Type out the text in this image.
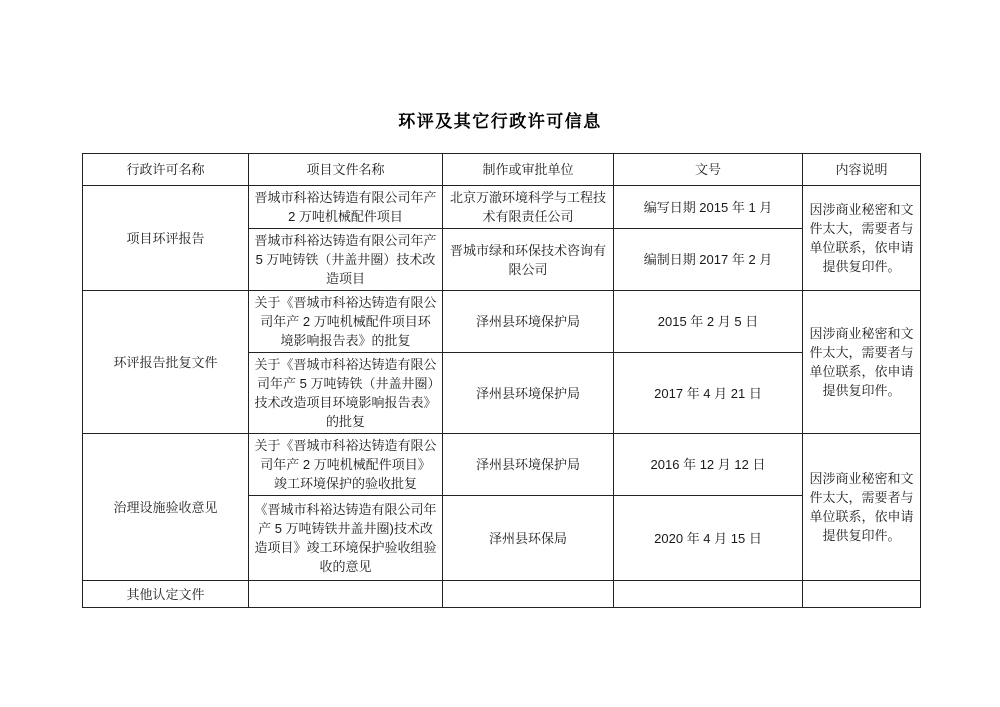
环评及其它行政许可信息
行政许可名称	项目文件名称	制作或审批单位	文号	内容说明
项目环评报告	晋城市科裕达铸造有限公司年产 2 万吨机械配件项目	北京万澈环境科学与工程技术有限责任公司	编写日期 2015 年 1 月	因涉商业秘密和文件太大，需要者与单位联系，依申请提供复印件。
	晋城市科裕达铸造有限公司年产 5 万吨铸铁（井盖井圈）技术改造项目	晋城市绿和环保技术咨询有限公司	编制日期 2017 年 2 月	
环评报告批复文件	关于《晋城市科裕达铸造有限公司年产 2 万吨机械配件项目环境影响报告表》的批复	泽州县环境保护局	2015 年 2 月 5 日	因涉商业秘密和文件太大，需要者与单位联系，依申请提供复印件。
	关于《晋城市科裕达铸造有限公司年产 5 万吨铸铁（井盖井圈）技术改造项目环境影响报告表》的批复	泽州县环境保护局	2017 年 4 月 21 日	
治理设施验收意见	关于《晋城市科裕达铸造有限公司年产 2 万吨机械配件项目》竣工环境保护的验收批复	泽州县环境保护局	2016 年 12 月 12 日	因涉商业秘密和文件太大，需要者与单位联系，依申请提供复印件。
	《晋城市科裕达铸造有限公司年产 5 万吨铸铁井盖井圈)技术改造项目》竣工环境保护验收组验收的意见	泽州县环保局	2020 年 4 月 15 日	
其他认定文件				
